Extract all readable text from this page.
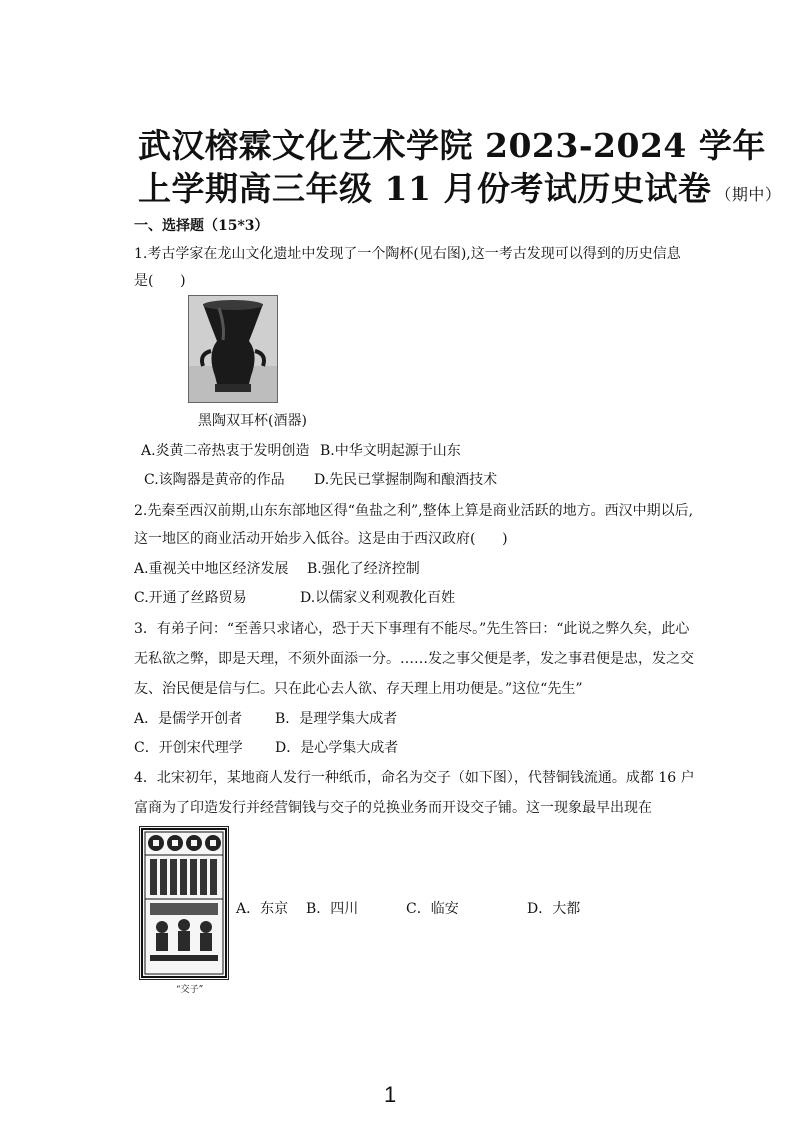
武汉榕霖文化艺术学院 2023-2024 学年
上学期高三年级 11 月份考试历史试卷 （期中）
一、选择题（15*3）
1.考古学家在龙山文化遗址中发现了一个陶杯(见右图),这一考古发现可以得到的历史信息
是(      )
黑陶双耳杯(酒器)
A.炎黄二帝热衷于发明创造 B.中华文明起源于山东
C.该陶器是黄帝的作品 D.先民已掌握制陶和酿酒技术
2.先秦至西汉前期,山东东部地区得“鱼盐之利”,整体上算是商业活跃的地方。西汉中期以后,
这一地区的商业活动开始步入低谷。这是由于西汉政府(      )
A.重视关中地区经济发展 B.强化了经济控制
C.开通了丝路贸易	D.以儒家义利观教化百姓
3．有弟子问：“至善只求诸心，恐于天下事理有不能尽。”先生答曰：“此说之弊久矣，此心
无私欲之弊，即是天理，不须外面添一分。……发之事父便是孝，发之事君便是忠，发之交
友、治民便是信与仁。只在此心去人欲、存天理上用功便是。”这位“先生”
A．是儒学开创者 B．是理学集大成者
C．开创宋代理学 D．是心学集大成者
4．北宋初年，某地商人发行一种纸币，命名为交子（如下图），代替铜钱流通。成都 16 户
富商为了印造发行并经营铜钱与交子的兑换业务而开设交子铺。这一现象最早出现在
“交子”
A．东京 B．四川	C．临安	D．大都
1
